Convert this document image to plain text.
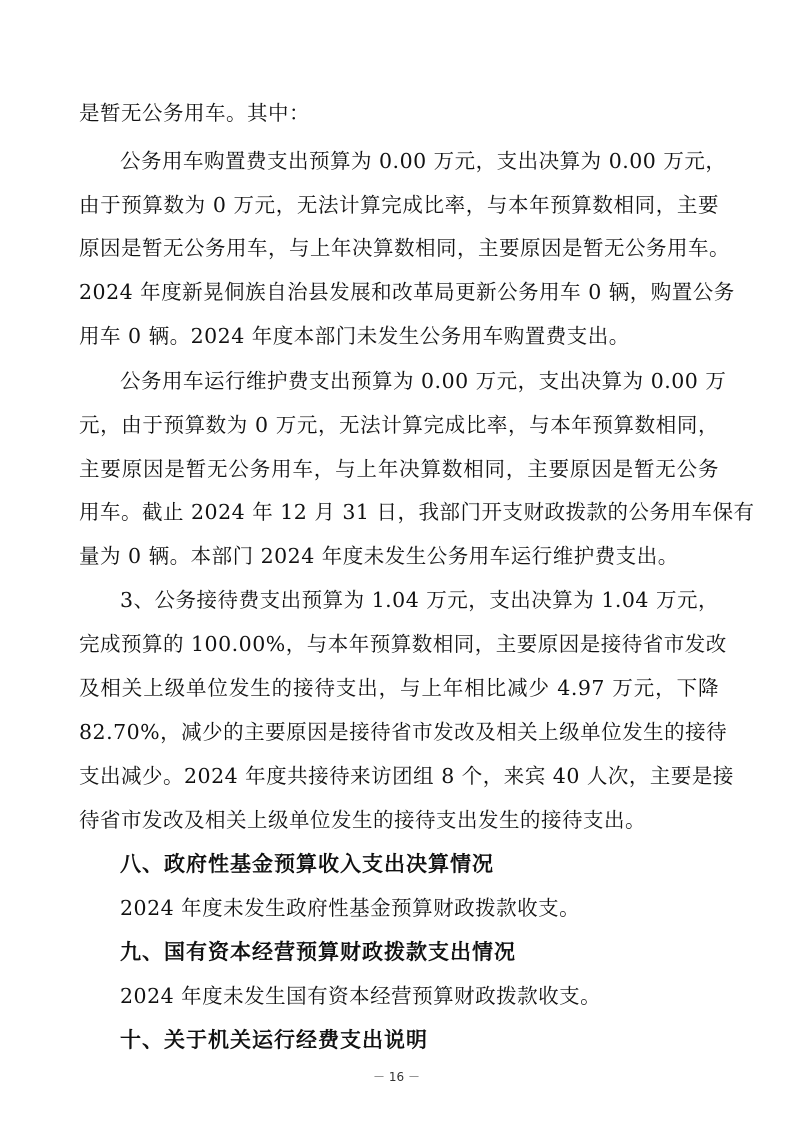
是暂无公务用车。其中：
公务用车购置费支出预算为 0.00 万元，支出决算为 0.00 万元，
由于预算数为 0 万元，无法计算完成比率，与本年预算数相同，主要
原因是暂无公务用车，与上年决算数相同，主要原因是暂无公务用车。
2024 年度新晃侗族自治县发展和改革局更新公务用车 0 辆，购置公务
用车 0 辆。2024 年度本部门未发生公务用车购置费支出。
公务用车运行维护费支出预算为 0.00 万元，支出决算为 0.00 万
元，由于预算数为 0 万元，无法计算完成比率，与本年预算数相同，
主要原因是暂无公务用车，与上年决算数相同，主要原因是暂无公务
用车。截止 2024 年 12 月 31 日，我部门开支财政拨款的公务用车保有
量为 0 辆。本部门 2024 年度未发生公务用车运行维护费支出。
3、公务接待费支出预算为 1.04 万元，支出决算为 1.04 万元，
完成预算的 100.00%，与本年预算数相同，主要原因是接待省市发改
及相关上级单位发生的接待支出，与上年相比减少 4.97 万元，下降
82.70%，减少的主要原因是接待省市发改及相关上级单位发生的接待
支出减少。2024 年度共接待来访团组 8 个，来宾 40 人次，主要是接
待省市发改及相关上级单位发生的接待支出发生的接待支出。
八、政府性基金预算收入支出决算情况
2024 年度未发生政府性基金预算财政拨款收支。
九、国有资本经营预算财政拨款支出情况
2024 年度未发生国有资本经营预算财政拨款收支。
十、关于机关运行经费支出说明
－ 16 －
